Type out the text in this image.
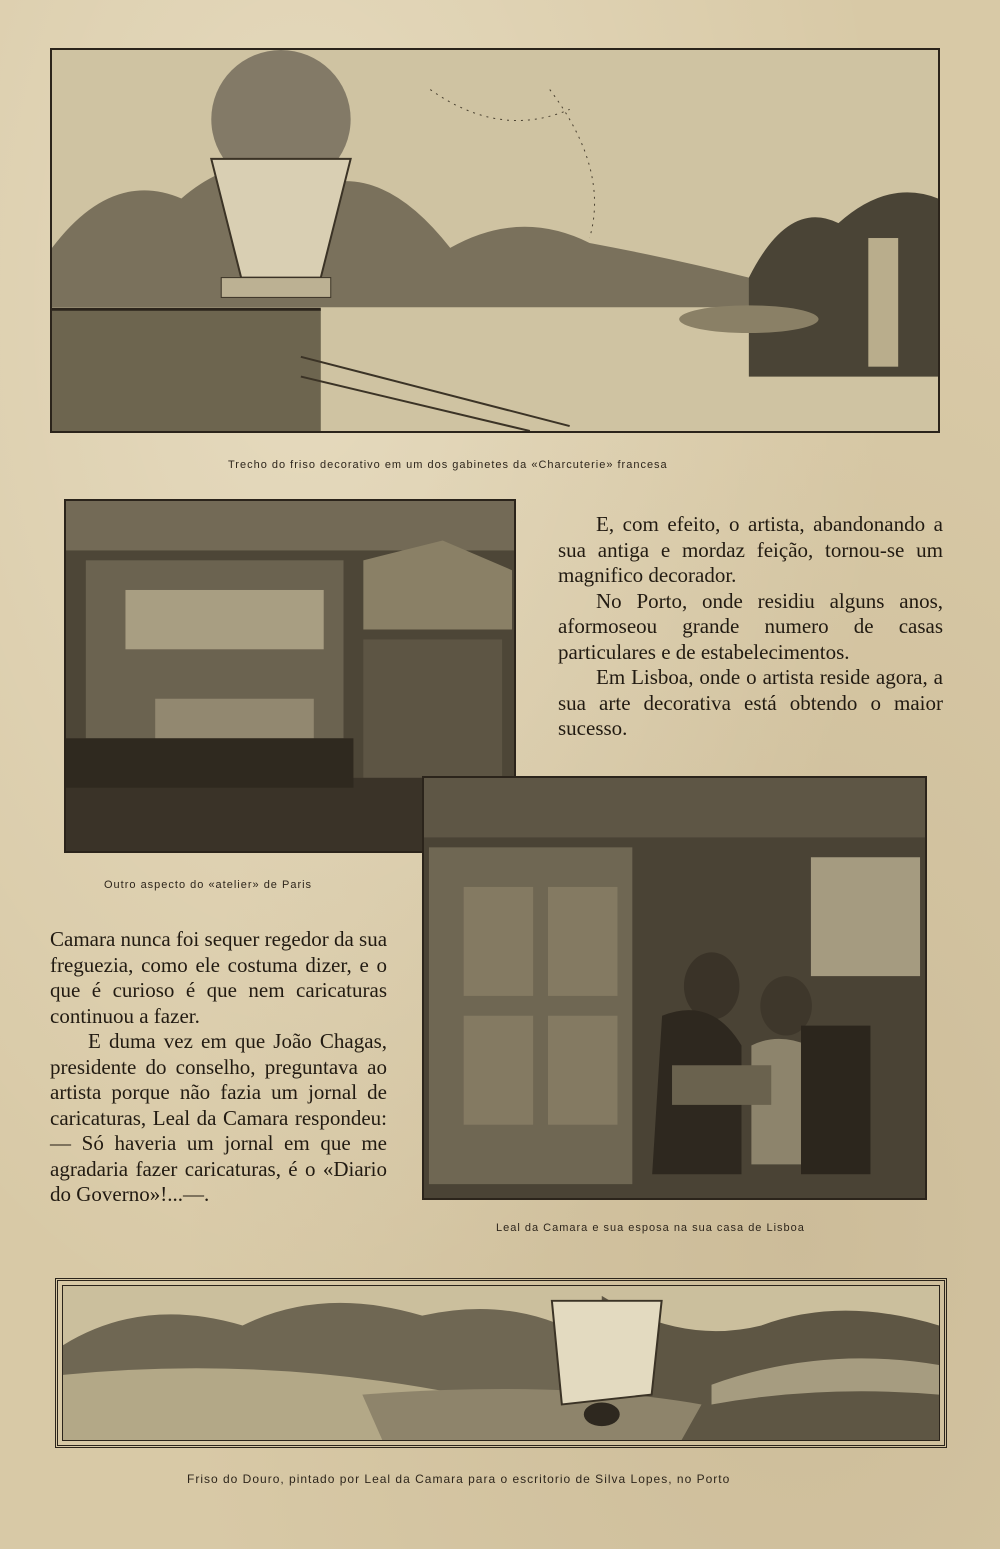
Trecho do friso decorativo em um dos gabinetes da «Charcuterie» francesa
Outro aspecto do «atelier» de Paris

E, com efeito, o artista, abandonando a sua antiga e mordaz feição, tornou-se um magnifico decorador.

No Porto, onde residiu alguns anos, aformoseou grande numero de casas particulares e de estabelecimentos.

Em Lisboa, onde o artista reside agora, a sua arte decorativa está obtendo o maior sucesso.

Leal da Camara e sua esposa na sua casa de Lisboa

Camara nunca foi sequer regedor da sua freguezia, como ele costuma dizer, e o que é curioso é que nem caricaturas continuou a fazer.

E duma vez em que João Chagas, presidente do conselho, preguntava ao artista porque não fazia um jornal de caricaturas, Leal da Camara respondeu:— Só haveria um jornal em que me agradaria fazer caricaturas, é o «Diario do Governo»!...—.

Friso do Douro, pintado por Leal da Camara para o escritorio de Silva Lopes, no Porto
